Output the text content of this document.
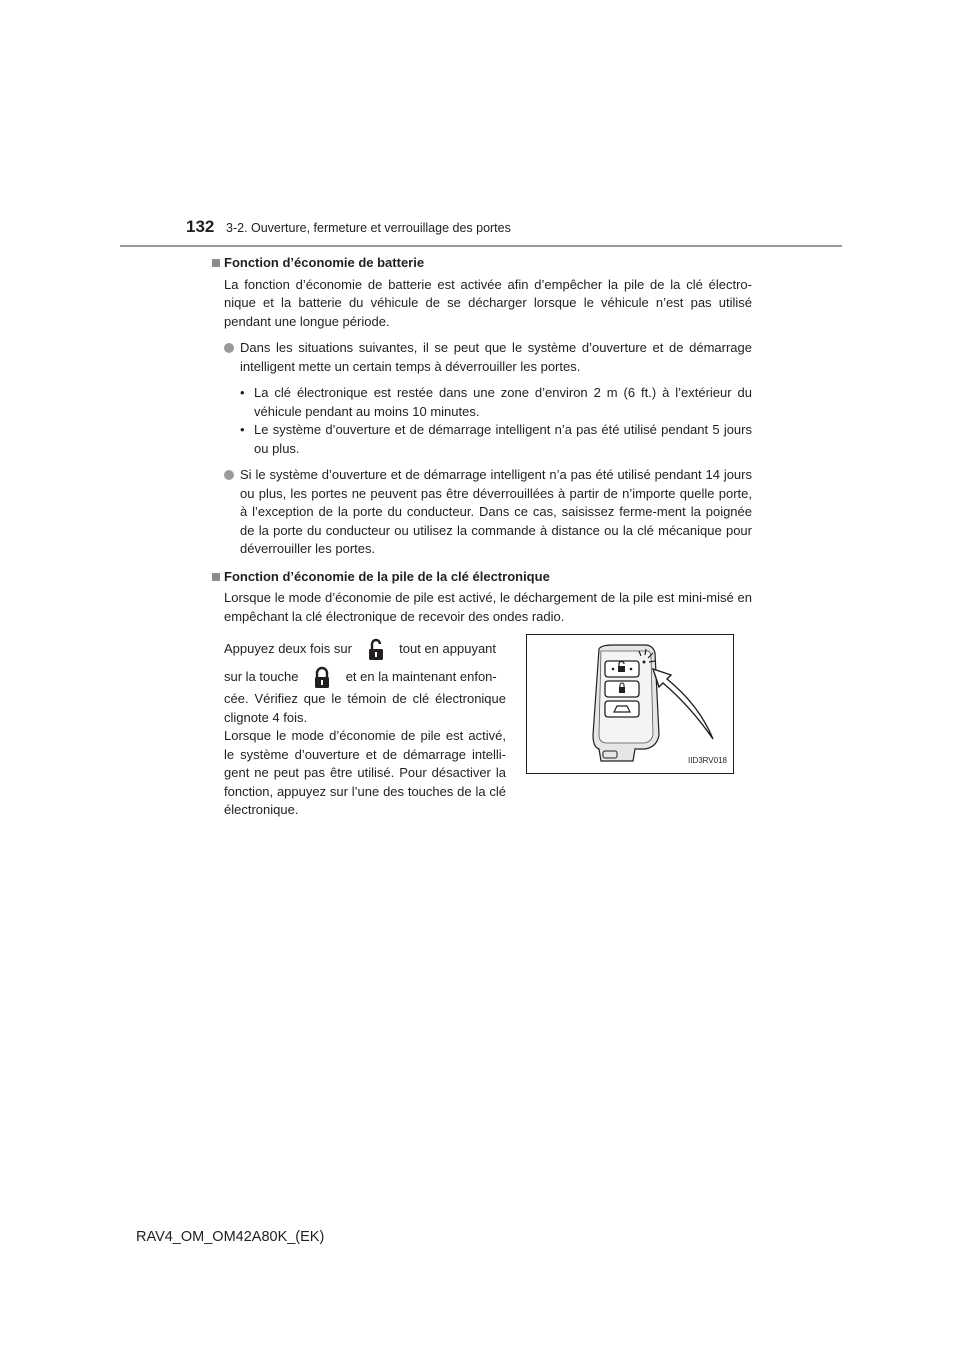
132 3-2. Ouverture, fermeture et verrouillage des portes
Fonction d’économie de batterie
La fonction d’économie de batterie est activée afin d’empêcher la pile de la clé électro-nique et la batterie du véhicule de se décharger lorsque le véhicule n’est pas utilisé pendant une longue période.
Dans les situations suivantes, il se peut que le système d’ouverture et de démarrage intelligent mette un certain temps à déverrouiller les portes.
• La clé électronique est restée dans une zone d’environ 2 m (6 ft.) à l’extérieur du véhicule pendant au moins 10 minutes.
• Le système d’ouverture et de démarrage intelligent n’a pas été utilisé pendant 5 jours ou plus.
Si le système d’ouverture et de démarrage intelligent n’a pas été utilisé pendant 14 jours ou plus, les portes ne peuvent pas être déverrouillées à partir de n’importe quelle porte, à l’exception de la porte du conducteur. Dans ce cas, saisissez ferme-ment la poignée de la porte du conducteur ou utilisez la commande à distance ou la clé mécanique pour déverrouiller les portes.
Fonction d’économie de la pile de la clé électronique
Lorsque le mode d’économie de pile est activé, le déchargement de la pile est mini-misé en empêchant la clé électronique de recevoir des ondes radio.
Appuyez deux fois sur	tout en appuyant
sur la touche	et en la maintenant enfon-
cée. Vérifiez que le témoin de clé électronique clignote 4 fois.
Lorsque le mode d’économie de pile est activé, le système d’ouverture et de démarrage intelli-gent ne peut pas être utilisé. Pour désactiver la fonction, appuyez sur l’une des touches de la clé électronique.
IID3RV018
RAV4_OM_OM42A80K_(EK)
